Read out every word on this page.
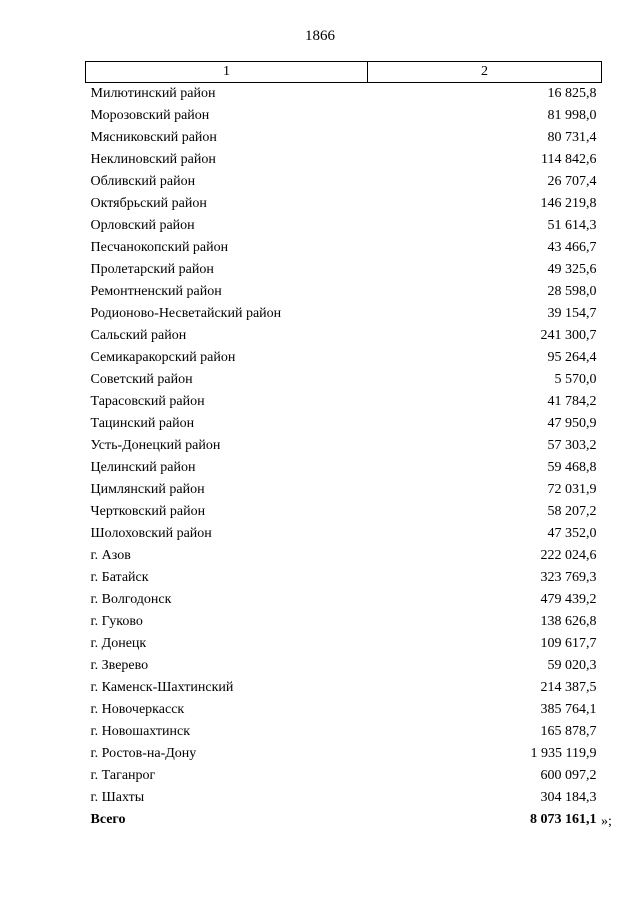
1866
1	2
Милютинский район	16 825,8
Морозовский район	81 998,0
Мясниковский район	80 731,4
Неклиновский район	114 842,6
Обливский район	26 707,4
Октябрьский район	146 219,8
Орловский район	51 614,3
Песчанокопский район	43 466,7
Пролетарский район	49 325,6
Ремонтненский район	28 598,0
Родионово-Несветайский район	39 154,7
Сальский район	241 300,7
Семикаракорский район	95 264,4
Советский район	5 570,0
Тарасовский район	41 784,2
Тацинский район	47 950,9
Усть-Донецкий район	57 303,2
Целинский район	59 468,8
Цимлянский район	72 031,9
Чертковский район	58 207,2
Шолоховский район	47 352,0
г. Азов	222 024,6
г. Батайск	323 769,3
г. Волгодонск	479 439,2
г. Гуково	138 626,8
г. Донецк	109 617,7
г. Зверево	59 020,3
г. Каменск-Шахтинский	214 387,5
г. Новочеркасск	385 764,1
г. Новошахтинск	165 878,7
г. Ростов-на-Дону	1 935 119,9
г. Таганрог	600 097,2
г. Шахты	304 184,3
Всего	8 073 161,1 »;
